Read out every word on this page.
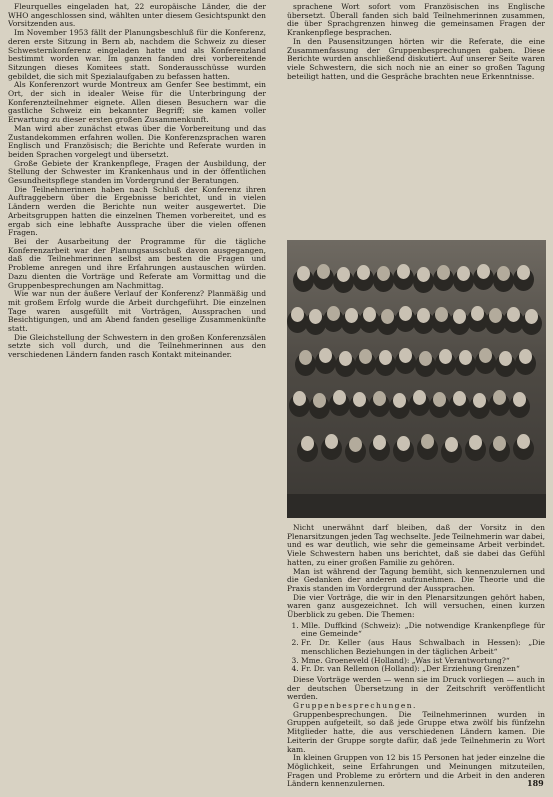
Fleurquelles eingeladen hat, 22 europäische Länder, die der WHO angeschlossen sind, wählten unter diesem Gesichtspunkt den Vorsitzenden aus.

Im November 1953 fällt der Planungsbeschluß für die Konferenz, deren erste Sitzung in Bern ab, nachdem die Schweiz zu dieser Schwesternkonferenz eingeladen hatte und als Konferenzland bestimmt worden war. Im ganzen fanden drei vorbereitende Sitzungen dieses Komitees statt. Sonderausschüsse wurden gebildet, die sich mit Spezialaufgaben zu befassen hatten.

Als Konferenzort wurde Montreux am Genfer See bestimmt, ein Ort, der sich in idealer Weise für die Unterbringung der Konferenzteilnehmer eignete. Allen diesen Besuchern war die gastliche Schweiz ein bekannter Begriff; sie kamen voller Erwartung zu dieser ersten großen Zusammenkunft.

Man wird aber zunächst etwas über die Vorbereitung und das Zustandekommen erfahren wollen. Die Konferenzsprachen waren Englisch und Französisch; die Berichte und Referate wurden in beiden Sprachen vorgelegt und übersetzt.

Große Gebiete der Krankenpflege, Fragen der Ausbildung, der Stellung der Schwester im Krankenhaus und in der öffentlichen Gesundheitspflege standen im Vordergrund der Beratungen.

Die Teilnehmerinnen haben nach Schluß der Konferenz ihren Auftraggebern über die Ergebnisse berichtet, und in vielen Ländern werden die Berichte nun weiter ausgewertet. Die Arbeitsgruppen hatten die einzelnen Themen vorbereitet, und es ergab sich eine lebhafte Aussprache über die vielen offenen Fragen.

Bei der Ausarbeitung der Programme für die tägliche Konferenzarbeit war der Planungsausschuß davon ausgegangen, daß die Teilnehmerinnen selbst am besten die Fragen und Probleme anregen und ihre Erfahrungen austauschen würden. Dazu dienten die Vorträge und Referate am Vormittag und die Gruppenbesprechungen am Nachmittag.

Wie war nun der äußere Verlauf der Konferenz? Planmäßig und mit großem Erfolg wurde die Arbeit durchgeführt. Die einzelnen Tage waren ausgefüllt mit Vorträgen, Aussprachen und Besichtigungen, und am Abend fanden gesellige Zusammenkünfte statt.

Die Gleichstellung der Schwestern in den großen Konferenzsälen setzte sich voll durch, und die Teilnehmerinnen aus den verschiedenen Ländern fanden rasch Kontakt miteinander.

sprachene Wort sofort vom Französischen ins Englische übersetzt. Überall fanden sich bald Teilnehmerinnen zusammen, die über Sprachgrenzen hinweg die gemeinsamen Fragen der Krankenpflege besprachen.

In den Pausensitzungen hörten wir die Referate, die eine Zusammenfassung der Gruppenbesprechungen gaben. Diese Berichte wurden anschließend diskutiert. Auf unserer Seite waren viele Schwestern, die sich noch nie an einer so großen Tagung beteiligt hatten, und die Gespräche brachten neue Erkenntnisse.

Nicht unerwähnt darf bleiben, daß der Vorsitz in den Plenarsitzungen jeden Tag wechselte. Jede Teilnehmerin war dabei, und es war deutlich, wie sehr die gemeinsame Arbeit verbindet. Viele Schwestern haben uns berichtet, daß sie dabei das Gefühl hatten, zu einer großen Familie zu gehören.

Man ist während der Tagung bemüht, sich kennenzulernen und die Gedanken der anderen aufzunehmen. Die Theorie und die Praxis standen im Vordergrund der Aussprachen.

Die vier Vorträge, die wir in den Plenarsitzungen gehört haben, waren ganz ausgezeichnet. Ich will versuchen, einen kurzen Überblick zu geben. Die Themen:

1. Mlle. Duffkind (Schweiz): „Die notwendige Krankenpflege für eine Gemeinde“
2. Fr. Dr. Keller (aus Haus Schwalbach in Hessen): „Die menschlichen Beziehungen in der täglichen Arbeit“
3. Mme. Groeneveld (Holland): „Was ist Verantwortung?“
4. Fr. Dr. van Rellemon (Holland): „Der Erziehung Grenzen“

Diese Vorträge werden — wenn sie im Druck vorliegen — auch in der deutschen Übersetzung in der Zeitschrift veröffentlicht werden.

Gruppenbesprechungen.

Gruppenbesprechungen. Die Teilnehmerinnen wurden in Gruppen aufgeteilt, so daß jede Gruppe etwa zwölf bis fünfzehn Mitglieder hatte, die aus verschiedenen Ländern kamen. Die Leiterin der Gruppe sorgte dafür, daß jede Teilnehmerin zu Wort kam.

In kleinen Gruppen von 12 bis 15 Personen hat jeder einzelne die Möglichkeit, seine Erfahrungen und Meinungen mitzuteilen, Fragen und Probleme zu erörtern und die Arbeit in den anderen Ländern kennenzulernen.	189
